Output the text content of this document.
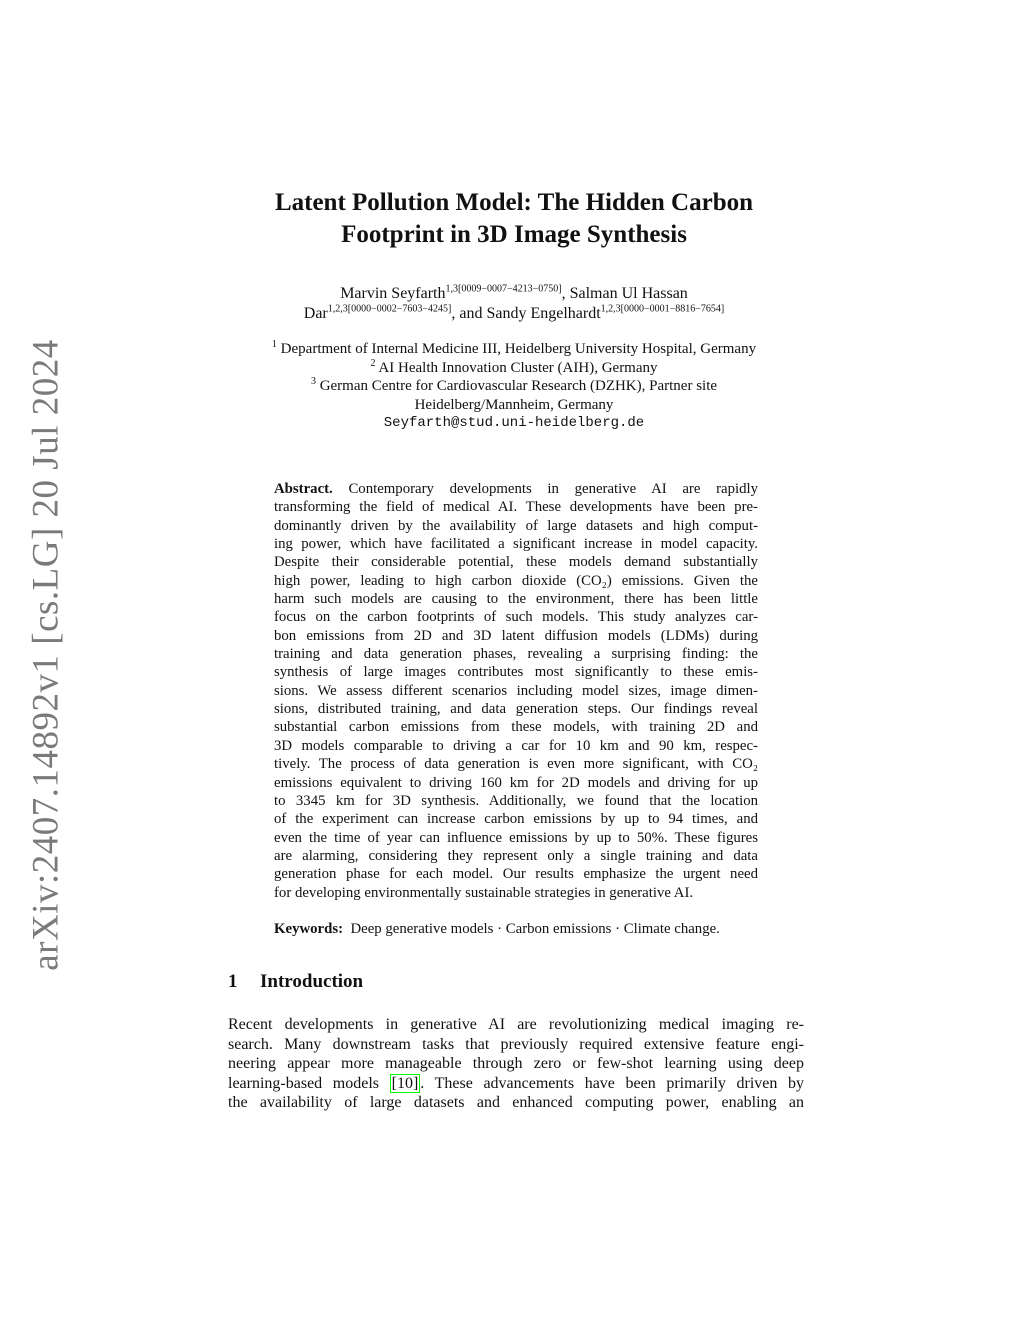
arXiv:2407.14892v1 [cs.LG] 20 Jul 2024
Latent Pollution Model: The Hidden Carbon
Footprint in 3D Image Synthesis
Marvin Seyfarth$^{1,3[0009-0007-4213-0750]}$, Salman Ul Hassan
Dar$^{1,2,3[0000-0002-7603-4245]}$, and Sandy Engelhardt$^{1,2,3[0000-0001-8816-7654]}$
$^1$ Department of Internal Medicine III, Heidelberg University Hospital, Germany
$^2$ AI Health Innovation Cluster (AIH), Germany
$^3$ German Centre for Cardiovascular Research (DZHK), Partner site
Heidelberg/Mannheim, Germany
Seyfarth@stud.uni-heidelberg.de
Abstract. Contemporary developments in generative AI are rapidly
transforming the field of medical AI. These developments have been pre-
dominantly driven by the availability of large datasets and high comput-
ing power, which have facilitated a significant increase in model capacity.
Despite their considerable potential, these models demand substantially
high power, leading to high carbon dioxide (CO₂) emissions. Given the
harm such models are causing to the environment, there has been little
focus on the carbon footprints of such models. This study analyzes car-
bon emissions from 2D and 3D latent diffusion models (LDMs) during
training and data generation phases, revealing a surprising finding: the
synthesis of large images contributes most significantly to these emis-
sions. We assess different scenarios including model sizes, image dimen-
sions, distributed training, and data generation steps. Our findings reveal
substantial carbon emissions from these models, with training 2D and
3D models comparable to driving a car for 10 km and 90 km, respec-
tively. The process of data generation is even more significant, with CO₂
emissions equivalent to driving 160 km for 2D models and driving for up
to 3345 km for 3D synthesis. Additionally, we found that the location
of the experiment can increase carbon emissions by up to 94 times, and
even the time of year can influence emissions by up to 50%. These figures
are alarming, considering they represent only a single training and data
generation phase for each model. Our results emphasize the urgent need
for developing environmentally sustainable strategies in generative AI.
Keywords: Deep generative models · Carbon emissions · Climate change.
1 Introduction
Recent developments in generative AI are revolutionizing medical imaging re-
search. Many downstream tasks that previously required extensive feature engi-
neering appear more manageable through zero or few-shot learning using deep
learning-based models [10] . These advancements have been primarily driven by
the availability of large datasets and enhanced computing power, enabling an
